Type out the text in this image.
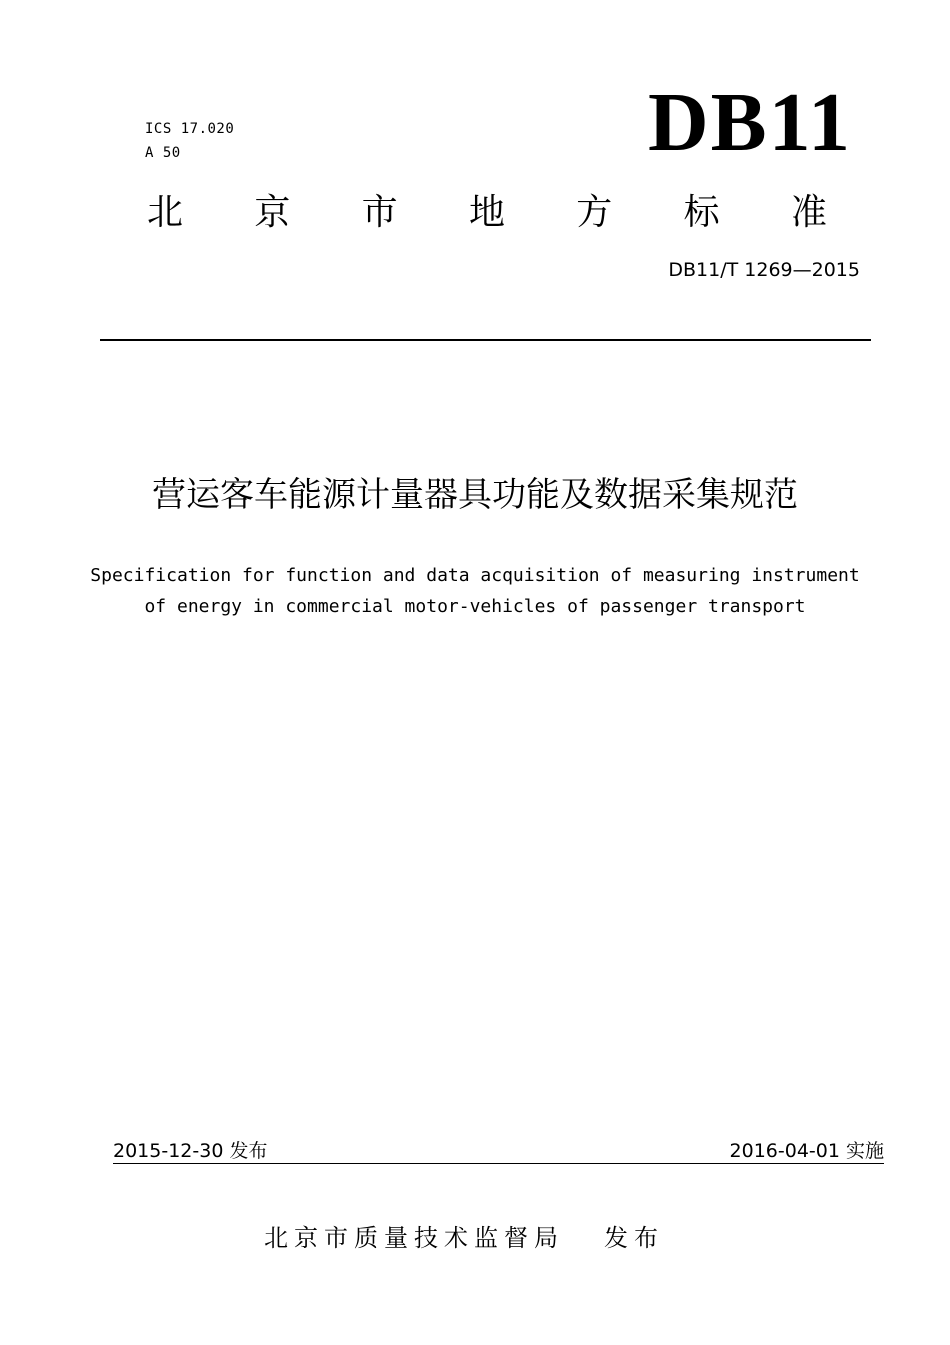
ICS 17.020
A 50	DB11
北 京 市 地 方 标 准
DB11/T 1269—2015
营运客车能源计量器具功能及数据采集规范
Specification for function and data acquisition of measuring instrument
of energy in commercial motor-vehicles of passenger transport
2015-12-30 发布	2016-04-01 实施
北京市质量技术监督局 发布
